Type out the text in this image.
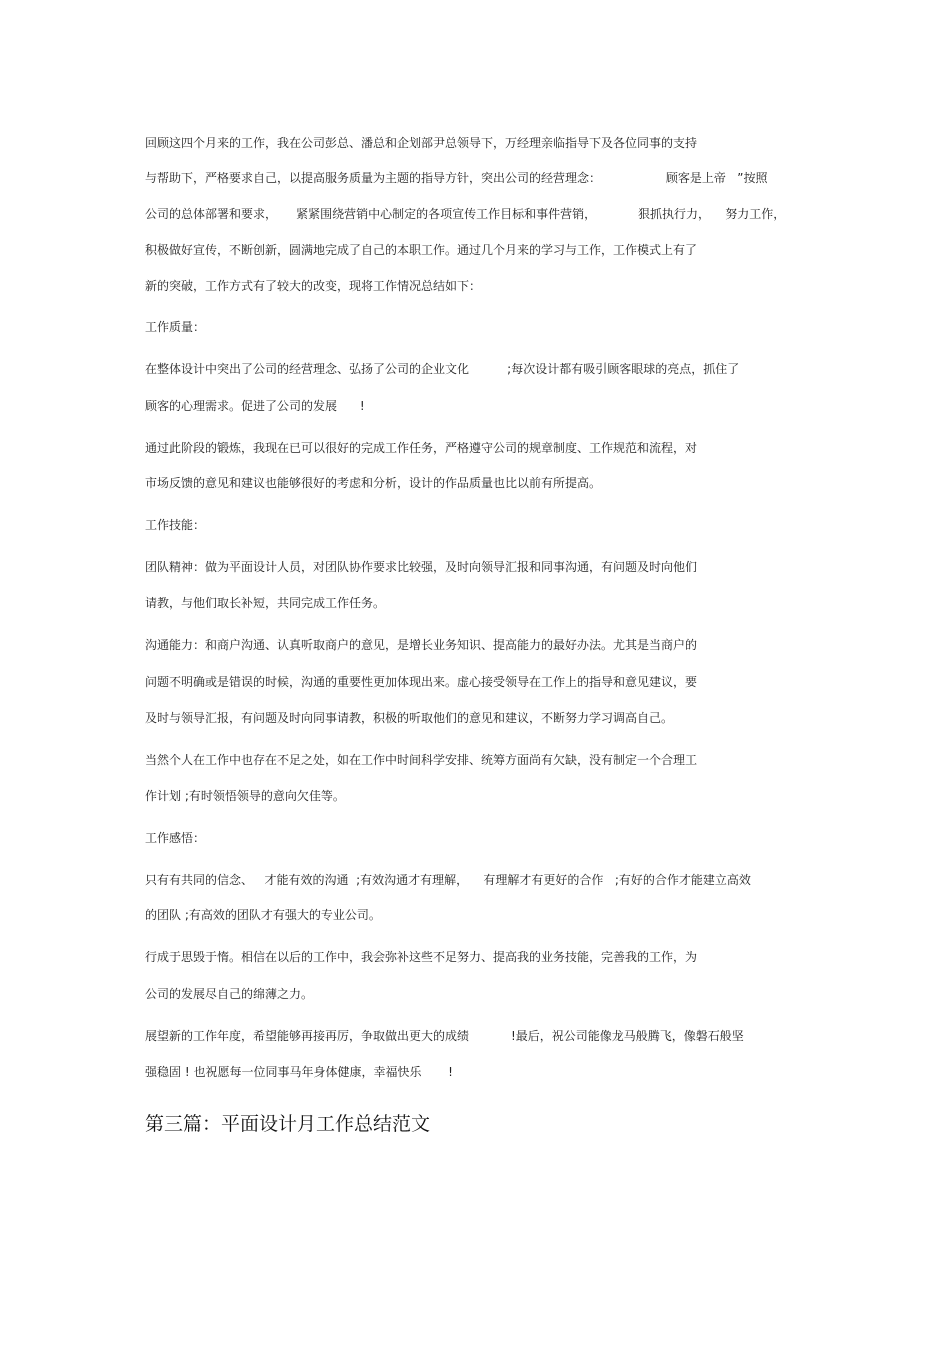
回顾这四个月来的工作，我在公司彭总、潘总和企划部尹总领导下，万经理亲临指导下及各位同事的支持
与帮助下，严格要求自己，以提高服务质量为主题的指导方针，突出公司的经营理念：                 顾客是上帝   ”按照
公司的总体部署和要求，     紧紧围绕营销中心制定的各项宣传工作目标和事件营销，           狠抓执行力，    努力工作，
积极做好宣传，不断创新，圆满地完成了自己的本职工作。通过几个月来的学习与工作，工作模式上有了
新的突破，工作方式有了较大的改变，现将工作情况总结如下：
工作质量：
在整体设计中突出了公司的经营理念、弘扬了公司的企业文化          ;每次设计都有吸引顾客眼球的亮点，抓住了
顾客的心理需求。促进了公司的发展      !
通过此阶段的锻炼，我现在已可以很好的完成工作任务，严格遵守公司的规章制度、工作规范和流程，对
市场反馈的意见和建议也能够很好的考虑和分析，设计的作品质量也比以前有所提高。
工作技能：
团队精神：做为平面设计人员，对团队协作要求比较强，及时向领导汇报和同事沟通，有问题及时向他们
请教，与他们取长补短，共同完成工作任务。
沟通能力：和商户沟通、认真听取商户的意见，是增长业务知识、提高能力的最好办法。尤其是当商户的
问题不明确或是错误的时候，沟通的重要性更加体现出来。虚心接受领导在工作上的指导和意见建议，要
及时与领导汇报，有问题及时向同事请教，积极的听取他们的意见和建议，不断努力学习调高自己。
当然个人在工作中也存在不足之处，如在工作中时间科学安排、统筹方面尚有欠缺，没有制定一个合理工
作计划 ;有时领悟领导的意向欠佳等。
工作感悟：
只有有共同的信念、   才能有效的沟通  ;有效沟通才有理解，    有理解才有更好的合作   ;有好的合作才能建立高效
的团队 ;有高效的团队才有强大的专业公司。
行成于思毁于惰。相信在以后的工作中，我会弥补这些不足努力、提高我的业务技能，完善我的工作，为
公司的发展尽自己的绵薄之力。
展望新的工作年度，希望能够再接再厉，争取做出更大的成绩           !最后，祝公司能像龙马般腾飞，像磐石般坚
强稳固 ! 也祝愿每一位同事马年身体健康，幸福快乐       !
第三篇：平面设计月工作总结范文
